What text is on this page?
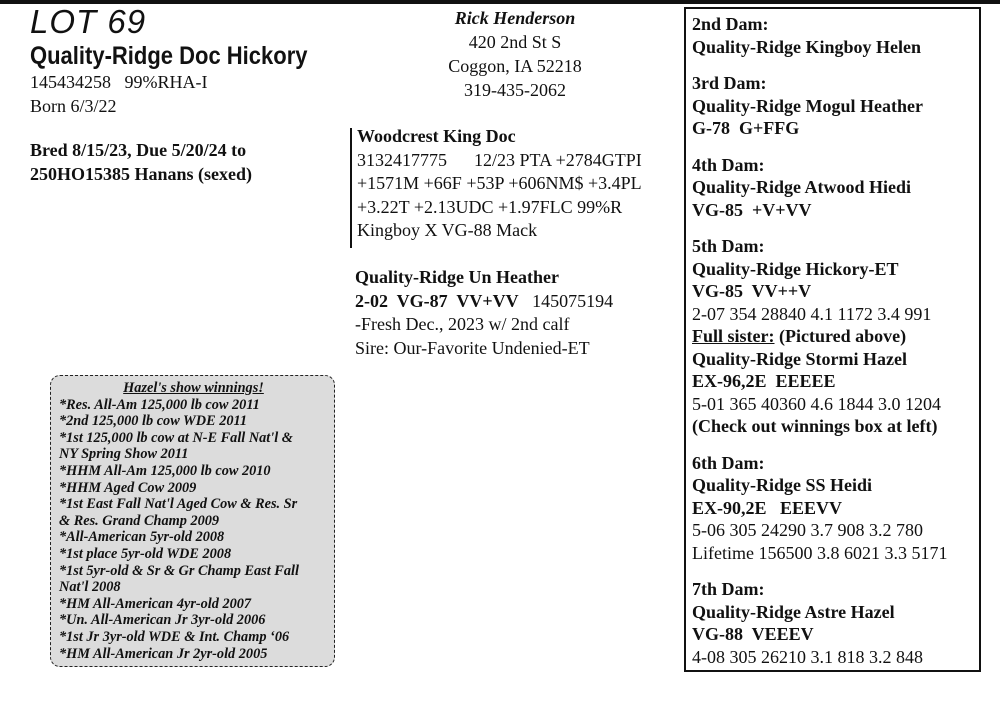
LOT 69
Quality-Ridge Doc Hickory
145434258 99%RHA-I
Born 6/3/22
Bred 8/15/23, Due 5/20/24 to
250HO15385 Hanans (sexed)
Hazel's show winnings!
*Res. All-Am 125,000 lb cow 2011
*2nd 125,000 lb cow WDE 2011
*1st 125,000 lb cow at N-E Fall Nat'l &
NY Spring Show 2011
*HHM All-Am 125,000 lb cow 2010
*HHM Aged Cow 2009
*1st East Fall Nat'l Aged Cow & Res. Sr
& Res. Grand Champ 2009
*All-American 5yr-old 2008
*1st place 5yr-old WDE 2008
*1st 5yr-old & Sr & Gr Champ East Fall
Nat'l 2008
*HM All-American 4yr-old 2007
*Un. All-American Jr 3yr-old 2006
*1st Jr 3yr-old WDE & Int. Champ ‘06
*HM All-American Jr 2yr-old 2005
Rick Henderson
420 2nd St S
Coggon, IA 52218
319-435-2062
Woodcrest King Doc
3132417775      12/23 PTA +2784GTPI
+1571M +66F +53P +606NM$ +3.4PL
+3.22T +2.13UDC +1.97FLC 99%R
Kingboy X VG-88 Mack
Quality-Ridge Un Heather
2-02  VG-87  VV+VV 145075194
-Fresh Dec., 2023 w/ 2nd calf
Sire: Our-Favorite Undenied-ET
2nd Dam:
Quality-Ridge Kingboy Helen
3rd Dam:
Quality-Ridge Mogul Heather
G-78  G+FFG
4th Dam:
Quality-Ridge Atwood Hiedi
VG-85  +V+VV
5th Dam:
Quality-Ridge Hickory-ET
VG-85  VV++V
2-07 354 28840 4.1 1172 3.4 991
Full sister: (Pictured above)
Quality-Ridge Stormi Hazel
EX-96,2E  EEEEE
5-01 365 40360 4.6 1844 3.0 1204
(Check out winnings box at left)
6th Dam:
Quality-Ridge SS Heidi
EX-90,2E   EEEVV
5-06 305 24290 3.7 908 3.2 780
Lifetime 156500 3.8 6021 3.3 5171
7th Dam:
Quality-Ridge Astre Hazel
VG-88  VEEEV
4-08 305 26210 3.1 818 3.2 848
